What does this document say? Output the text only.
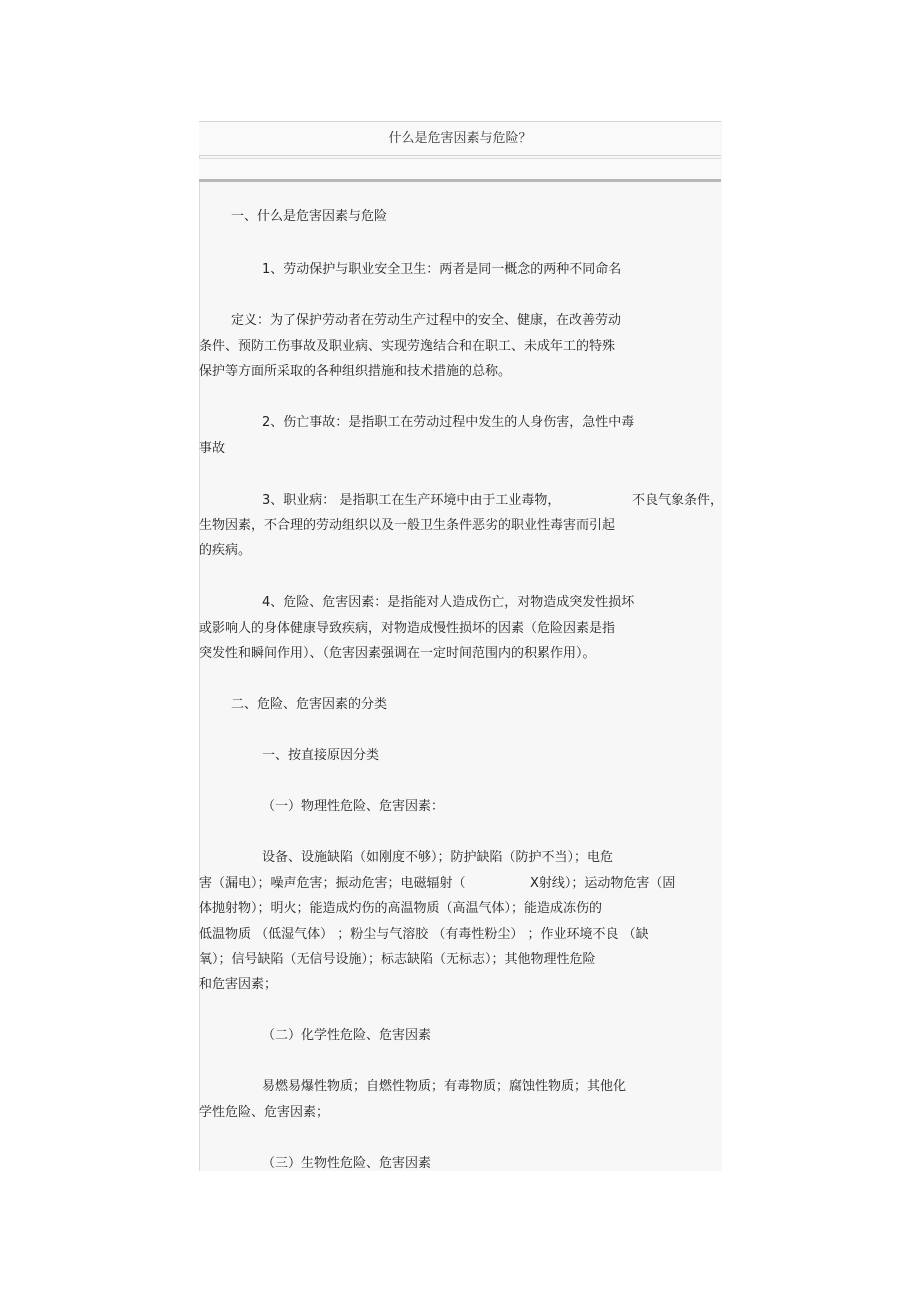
什么是危害因素与危险？

一、什么是危害因素与危险

1、劳动保护与职业安全卫生：两者是同一概念的两种不同命名

定义：为了保护劳动者在劳动生产过程中的安全、健康，在改善劳动

条件、预防工伤事故及职业病、实现劳逸结合和在职工、未成年工的特殊

保护等方面所采取的各种组织措施和技术措施的总称。

2、伤亡事故：是指职工在劳动过程中发生的人身伤害，急性中毒

事故

3、职业病： 是指职工在生产环境中由于工业毒物，	不良气象条件，

生物因素，不合理的劳动组织以及一般卫生条件恶劣的职业性毒害而引起

的疾病。

4、危险、危害因素：是指能对人造成伤亡，对物造成突发性损坏

或影响人的身体健康导致疾病，对物造成慢性损坏的因素（危险因素是指

突发性和瞬间作用）、（危害因素强调在一定时间范围内的积累作用）。

二、危险、危害因素的分类

一、按直接原因分类

（一）物理性危险、危害因素：

设备、设施缺陷（如刚度不够）；防护缺陷（防护不当）；电危

害（漏电）；噪声危害；振动危害；电磁辐射（	X射线）；运动物危害（固

体抛射物）；明火；能造成灼伤的高温物质（高温气体）；能造成冻伤的

低温物质 （低湿气体） ；粉尘与气溶胶 （有毒性粉尘） ；作业环境不良 （缺

氧）；信号缺陷（无信号设施）；标志缺陷（无标志）；其他物理性危险

和危害因素；

（二）化学性危险、危害因素

易燃易爆性物质；自燃性物质；有毒物质；腐蚀性物质；其他化

学性危险、危害因素；

（三）生物性危险、危害因素
